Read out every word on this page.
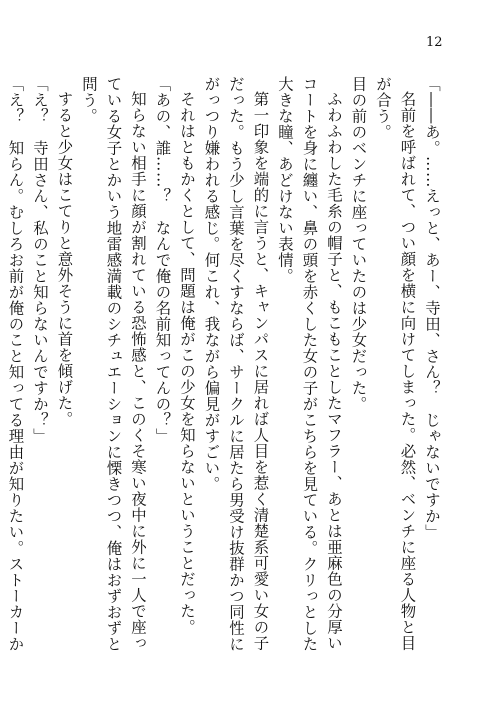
12

「――あ。……えっと、あー、寺田、さん？　じゃないですか」

名前を呼ばれて、つい顔を横に向けてしまった。必然、ベンチに座る人物と目が合う。

目の前のベンチに座っていたのは少女だった。

ふわふわした毛糸の帽子と、もこもことしたマフラー、あとは亜麻色の分厚いコートを身に纏い、鼻の頭を赤くした女の子がこちらを見ている。クリっとした大きな瞳、あどけない表情。

第一印象を端的に言うと、キャンパスに居れば人目を惹く清楚系可愛い女の子だった。もう少し言葉を尽くすならば、サークルに居たら男受け抜群かつ同性にがっつり嫌われる感じ。何これ、我ながら偏見がすごい。

それはともかくとして、問題は俺がこの少女を知らないということだった。

「あの、誰……？　なんで俺の名前知ってんの？」

知らない相手に顔が割れている恐怖感と、このくそ寒い夜中に外に一人で座っている女子とかいう地雷感満載のシチュエーションに慄きつつ、俺はおずおずと問う。

すると少女はこてりと意外そうに首を傾げた。

「え？　寺田さん、私のこと知らないんですか？」

「え？　知らん。むしろお前が俺のこと知ってる理由が知りたい。ストーカーか
